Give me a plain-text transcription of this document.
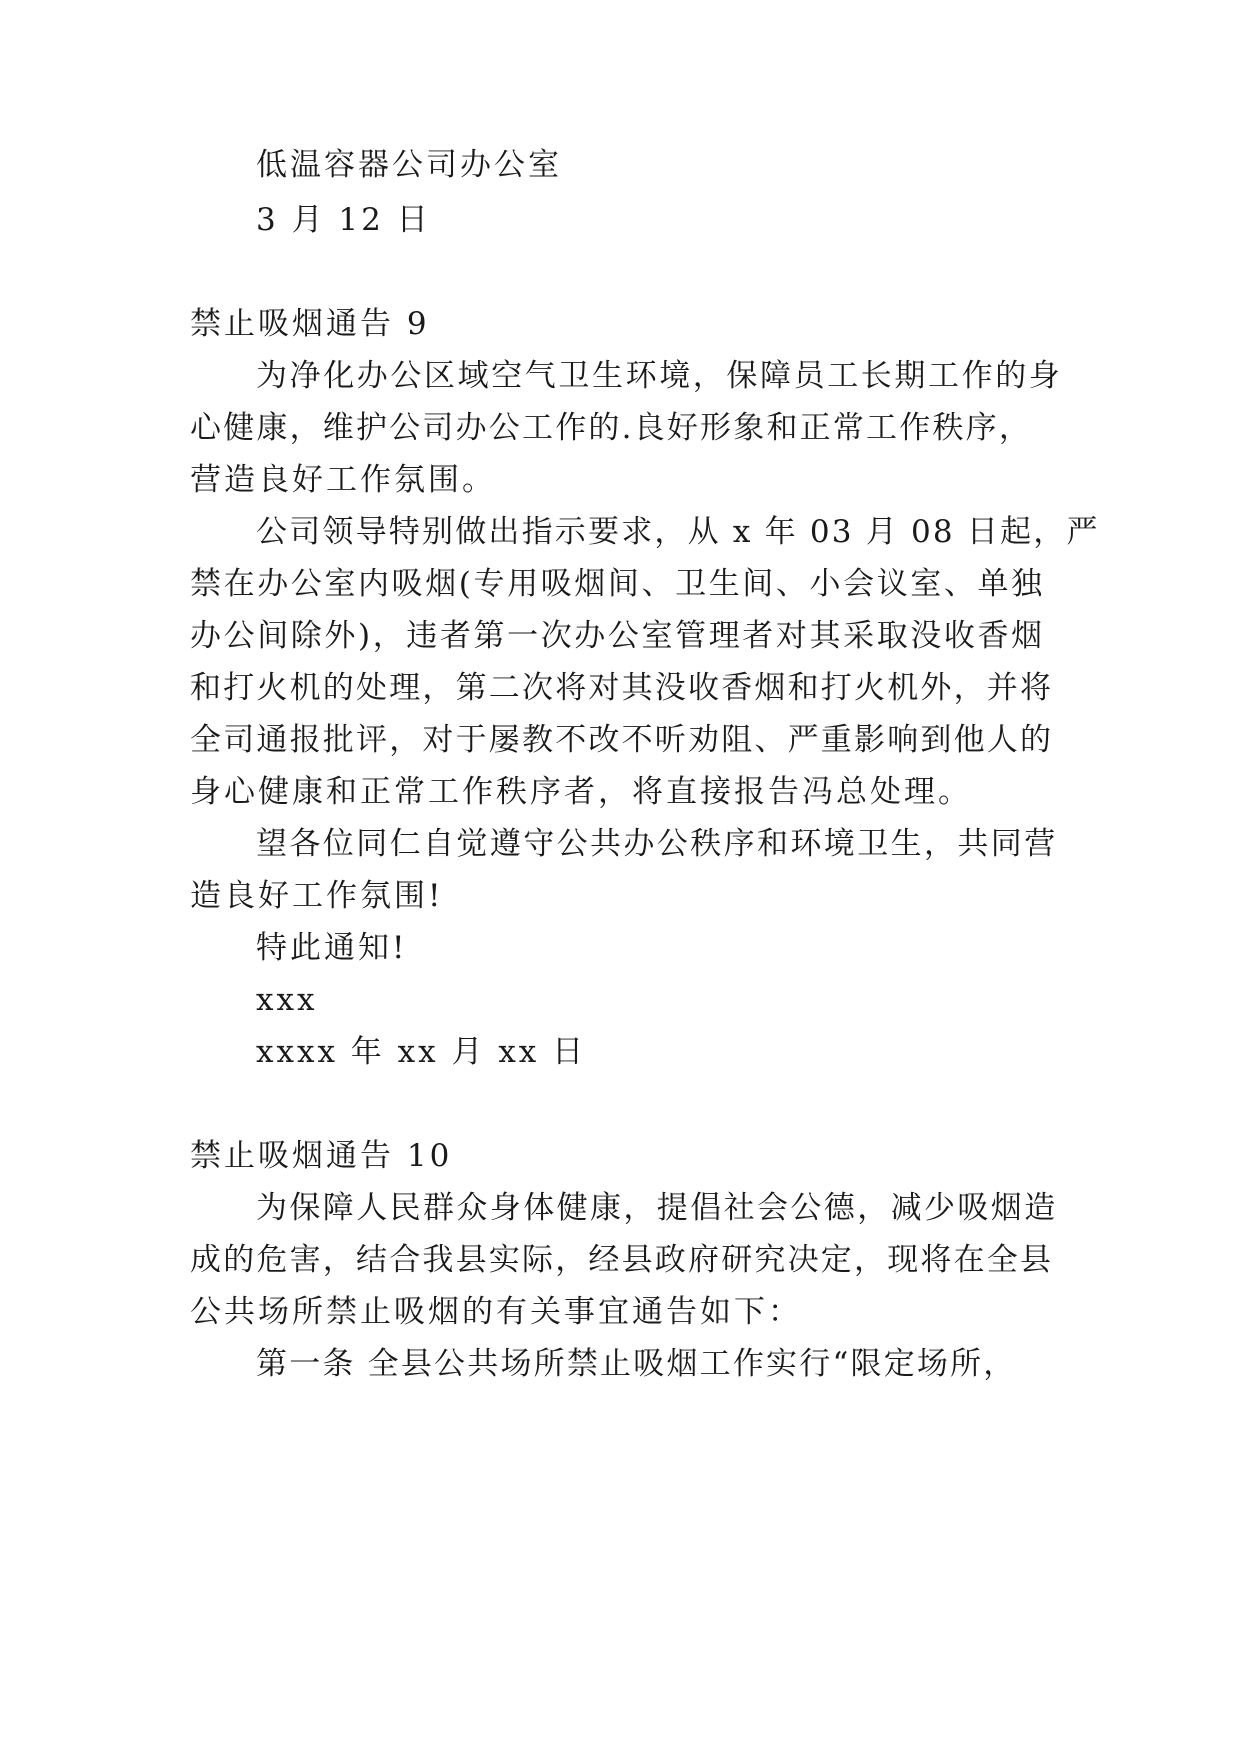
低温容器公司办公室
3 月 12 日
禁止吸烟通告 9
为净化办公区域空气卫生环境，保障员工长期工作的身
心健康，维护公司办公工作的.良好形象和正常工作秩序，
营造良好工作氛围。
公司领导特别做出指示要求，从 x 年 03 月 08 日起，严
禁在办公室内吸烟(专用吸烟间、卫生间、小会议室、单独
办公间除外)，违者第一次办公室管理者对其采取没收香烟
和打火机的处理，第二次将对其没收香烟和打火机外，并将
全司通报批评，对于屡教不改不听劝阻、严重影响到他人的
身心健康和正常工作秩序者，将直接报告冯总处理。
望各位同仁自觉遵守公共办公秩序和环境卫生，共同营
造良好工作氛围!
特此通知!
xxx
xxxx 年 xx 月 xx 日
禁止吸烟通告 10
为保障人民群众身体健康，提倡社会公德，减少吸烟造
成的危害，结合我县实际，经县政府研究决定，现将在全县
公共场所禁止吸烟的有关事宜通告如下：
第一条 全县公共场所禁止吸烟工作实行“限定场所，
